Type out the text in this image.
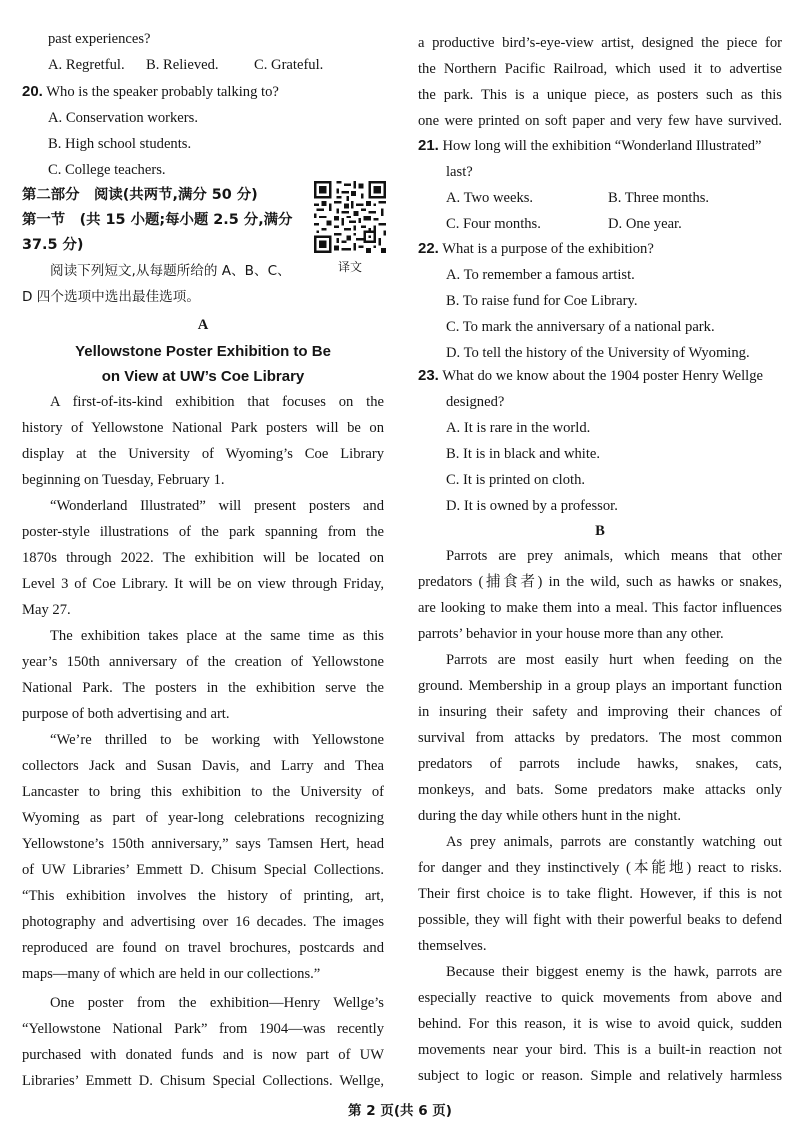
past experiences?
A. Regretful. B. Relieved. C. Grateful.
20. Who is the speaker probably talking to?
A. Conservation workers.
B. High school students.
C. College teachers.
第二部分　阅读(共两节,满分 50 分)
第一节　(共 15 小题;每小题 2.5 分,满分
37.5 分)
阅读下列短文,从每题所给的 A、B、C、
D 四个选项中选出最佳选项。
A
Yellowstone Poster Exhibition to Be
on View at UW’s Coe Library
A first-of-its-kind exhibition that focuses on the
history of Yellowstone National Park posters will be on
display at the University of Wyoming’s Coe Library
beginning on Tuesday, February 1.
“Wonderland Illustrated” will present posters and
poster-style illustrations of the park spanning from the
1870s through 2022. The exhibition will be located on
Level 3 of Coe Library. It will be on view through Friday,
May 27.
The exhibition takes place at the same time as this
year’s 150th anniversary of the creation of Yellowstone
National Park. The posters in the exhibition serve the
purpose of both advertising and art.
“We’re thrilled to be working with Yellowstone
collectors Jack and Susan Davis, and Larry and Thea
Lancaster to bring this exhibition to the University of
Wyoming as part of year-long celebrations recognizing
Yellowstone’s 150th anniversary,” says Tamsen Hert, head
of UW Libraries’ Emmett D. Chisum Special Collections.
“This exhibition involves the history of printing, art,
photography and advertising over 16 decades. The images
reproduced are found on travel brochures, postcards and
maps—many of which are held in our collections.”
One poster from the exhibition—Henry Wellge’s
“Yellowstone National Park” from 1904—was recently
purchased with donated funds and is now part of UW
Libraries’ Emmett D. Chisum Special Collections. Wellge,
译文
a productive bird’s-eye-view artist, designed the piece for
the Northern Pacific Railroad, which used it to advertise
the park. This is a unique piece, as posters such as this
one were printed on soft paper and very few have survived.
21. How long will the exhibition “Wonderland Illustrated”
last?
A. Two weeks.	B. Three months.
C. Four months.	D. One year.
22. What is a purpose of the exhibition?
A. To remember a famous artist.
B. To raise fund for Coe Library.
C. To mark the anniversary of a national park.
D. To tell the history of the University of Wyoming.
23. What do we know about the 1904 poster Henry Wellge
designed?
A. It is rare in the world.
B. It is in black and white.
C. It is printed on cloth.
D. It is owned by a professor.
B
Parrots are prey animals, which means that other
predators (捕食者) in the wild, such as hawks or snakes,
are looking to make them into a meal. This factor influences
parrots’ behavior in your house more than any other.
Parrots are most easily hurt when feeding on the
ground. Membership in a group plays an important function
in insuring their safety and improving their chances of
survival from attacks by predators. The most common
predators of parrots include hawks, snakes, cats,
monkeys, and bats. Some predators make attacks only
during the day while others hunt in the night.
As prey animals, parrots are constantly watching out
for danger and they instinctively (本能地) react to risks.
Their first choice is to take flight. However, if this is not
possible, they will fight with their powerful beaks to defend
themselves.
Because their biggest enemy is the hawk, parrots are
especially reactive to quick movements from above and
behind. For this reason, it is wise to avoid quick, sudden
movements near your bird. This is a built-in reaction not
subject to logic or reason. Simple and relatively harmless
第 2 页(共 6 页)
